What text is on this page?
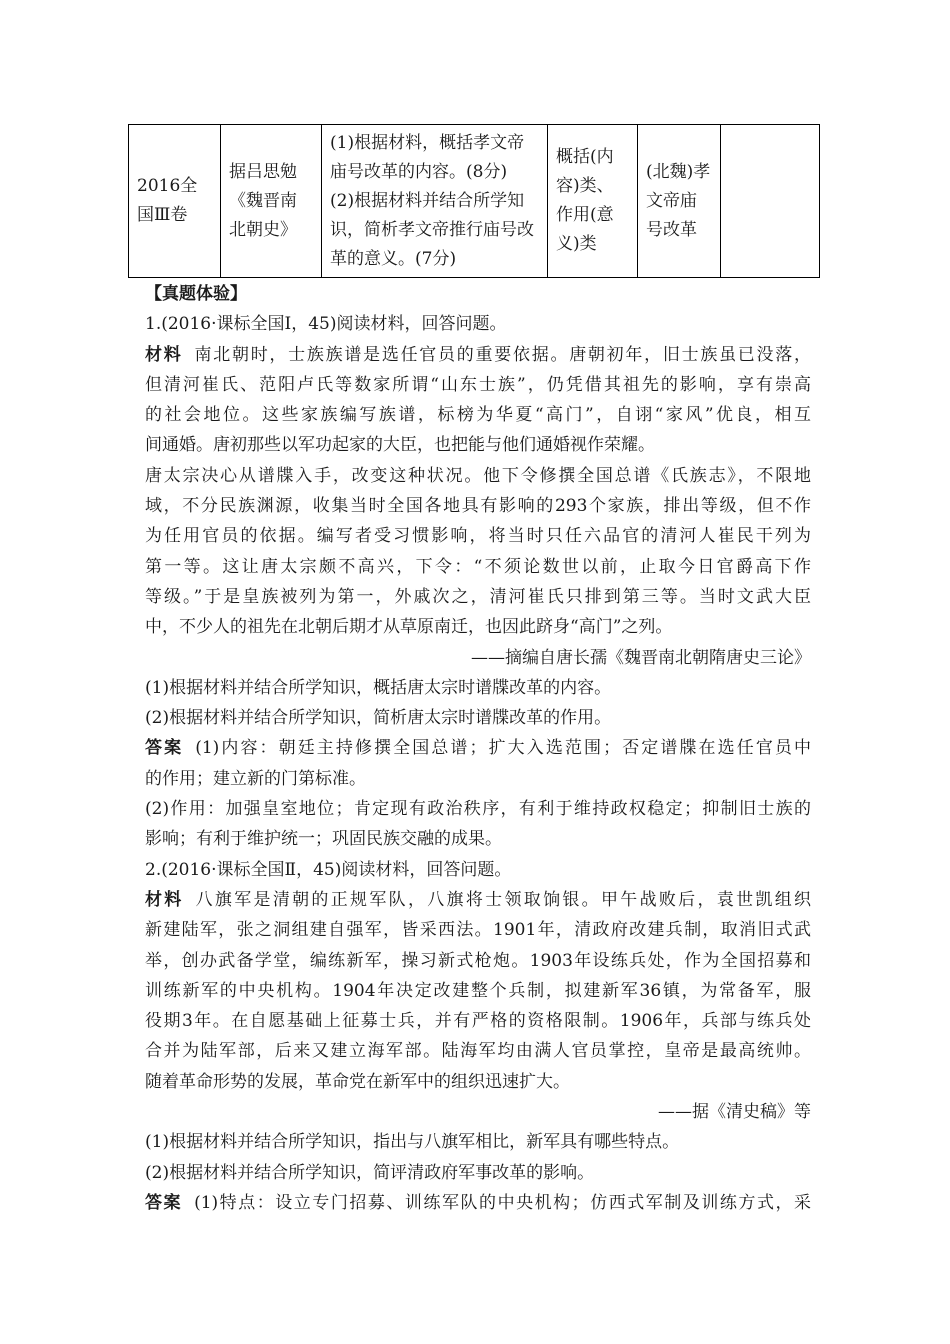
2016全国Ⅲ卷	据吕思勉《魏晋南北朝史》	(1)根据材料，概括孝文帝庙号改革的内容。(8分)
(2)根据材料并结合所学知识，简析孝文帝推行庙号改革的意义。(7分)	概括(内容)类、作用(意义)类	(北魏)孝文帝庙号改革	
【真题体验】
1.(2016·课标全国Ⅰ，45)阅读材料，回答问题。
材料 南北朝时，士族族谱是选任官员的重要依据。唐朝初年，旧士族虽已没落，
但清河崔氏、范阳卢氏等数家所谓“山东士族”，仍凭借其祖先的影响，享有崇高
的社会地位。这些家族编写族谱，标榜为华夏“高门”，自诩“家风”优良，相互
间通婚。唐初那些以军功起家的大臣，也把能与他们通婚视作荣耀。
唐太宗决心从谱牒入手，改变这种状况。他下令修撰全国总谱《氏族志》，不限地
域，不分民族渊源，收集当时全国各地具有影响的293个家族，排出等级，但不作
为任用官员的依据。编写者受习惯影响，将当时只任六品官的清河人崔民干列为
第一等。这让唐太宗颇不高兴，下令：“不须论数世以前，止取今日官爵高下作
等级。”于是皇族被列为第一，外戚次之，清河崔氏只排到第三等。当时文武大臣
中，不少人的祖先在北朝后期才从草原南迁，也因此跻身“高门”之列。
——摘编自唐长孺《魏晋南北朝隋唐史三论》
(1)根据材料并结合所学知识，概括唐太宗时谱牒改革的内容。
(2)根据材料并结合所学知识，简析唐太宗时谱牒改革的作用。
答案 (1)内容：朝廷主持修撰全国总谱；扩大入选范围；否定谱牒在选任官员中
的作用；建立新的门第标准。
(2)作用：加强皇室地位；肯定现有政治秩序，有利于维持政权稳定；抑制旧士族的
影响；有利于维护统一；巩固民族交融的成果。
2.(2016·课标全国Ⅱ，45)阅读材料，回答问题。
材料 八旗军是清朝的正规军队，八旗将士领取饷银。甲午战败后，袁世凯组织
新建陆军，张之洞组建自强军，皆采西法。1901年，清政府改建兵制，取消旧式武
举，创办武备学堂，编练新军，操习新式枪炮。1903年设练兵处，作为全国招募和
训练新军的中央机构。1904年决定改建整个兵制，拟建新军36镇，为常备军，服
役期3年。在自愿基础上征募士兵，并有严格的资格限制。1906年，兵部与练兵处
合并为陆军部，后来又建立海军部。陆海军均由满人官员掌控，皇帝是最高统帅。
随着革命形势的发展，革命党在新军中的组织迅速扩大。
——据《清史稿》等
(1)根据材料并结合所学知识，指出与八旗军相比，新军具有哪些特点。
(2)根据材料并结合所学知识，简评清政府军事改革的影响。
答案 (1)特点：设立专门招募、训练军队的中央机构；仿西式军制及训练方式，采
